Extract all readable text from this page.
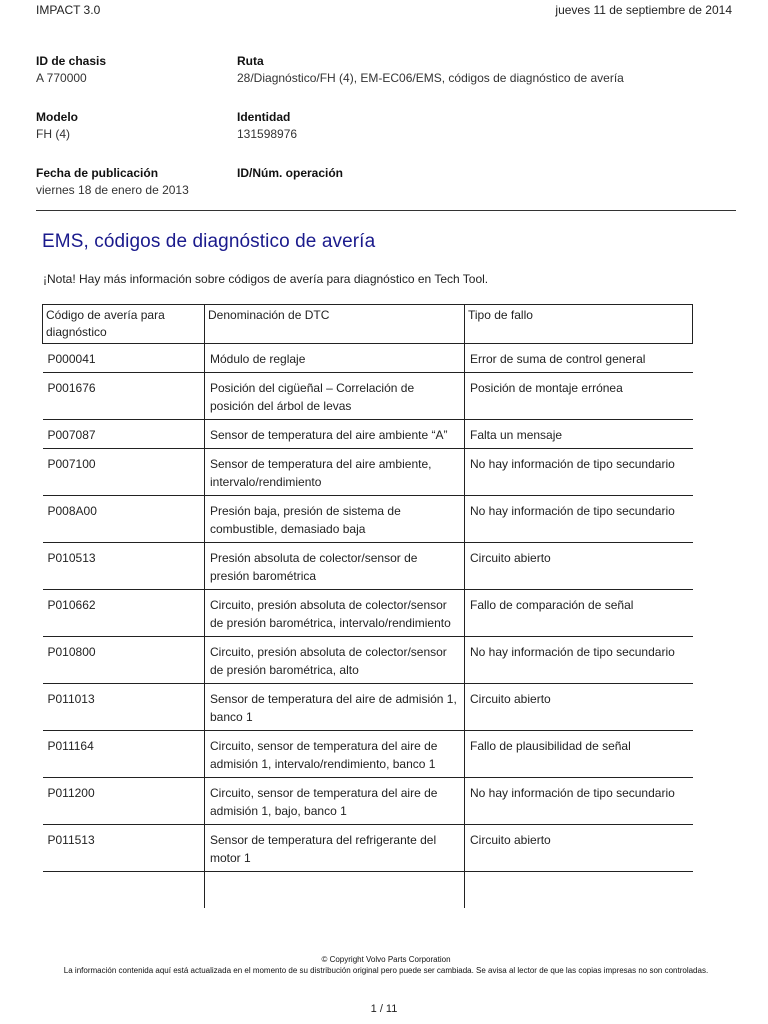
IMPACT 3.0	jueves 11 de septiembre de 2014
ID de chasis
A 770000
Ruta
28/Diagnóstico/FH (4), EM-EC06/EMS, códigos de diagnóstico de avería
Modelo
FH (4)
Identidad
131598976
Fecha de publicación
viernes 18 de enero de 2013
ID/Núm. operación
EMS, códigos de diagnóstico de avería
¡Nota! Hay más información sobre códigos de avería para diagnóstico en Tech Tool.
Código de avería para diagnóstico	Denominación de DTC	Tipo de fallo
P000041	Módulo de reglaje	Error de suma de control general
P001676	Posición del cigüeñal – Correlación de posición del árbol de levas	Posición de montaje errónea
P007087	Sensor de temperatura del aire ambiente “A”	Falta un mensaje
P007100	Sensor de temperatura del aire ambiente, intervalo/rendimiento	No hay información de tipo secundario
P008A00	Presión baja, presión de sistema de combustible, demasiado baja	No hay información de tipo secundario
P010513	Presión absoluta de colector/sensor de presión barométrica	Circuito abierto
P010662	Circuito, presión absoluta de colector/sensor de presión barométrica, intervalo/rendimiento	Fallo de comparación de señal
P010800	Circuito, presión absoluta de colector/sensor de presión barométrica, alto	No hay información de tipo secundario
P011013	Sensor de temperatura del aire de admisión 1, banco 1	Circuito abierto
P011164	Circuito, sensor de temperatura del aire de admisión 1, intervalo/rendimiento, banco 1	Fallo de plausibilidad de señal
P011200	Circuito, sensor de temperatura del aire de admisión 1, bajo, banco 1	No hay información de tipo secundario
P011513	Sensor de temperatura del refrigerante del motor 1	Circuito abierto

© Copyright Volvo Parts Corporation
La información contenida aquí está actualizada en el momento de su distribución original pero puede ser cambiada. Se avisa al lector de que las copias impresas no son controladas.
1 / 11
